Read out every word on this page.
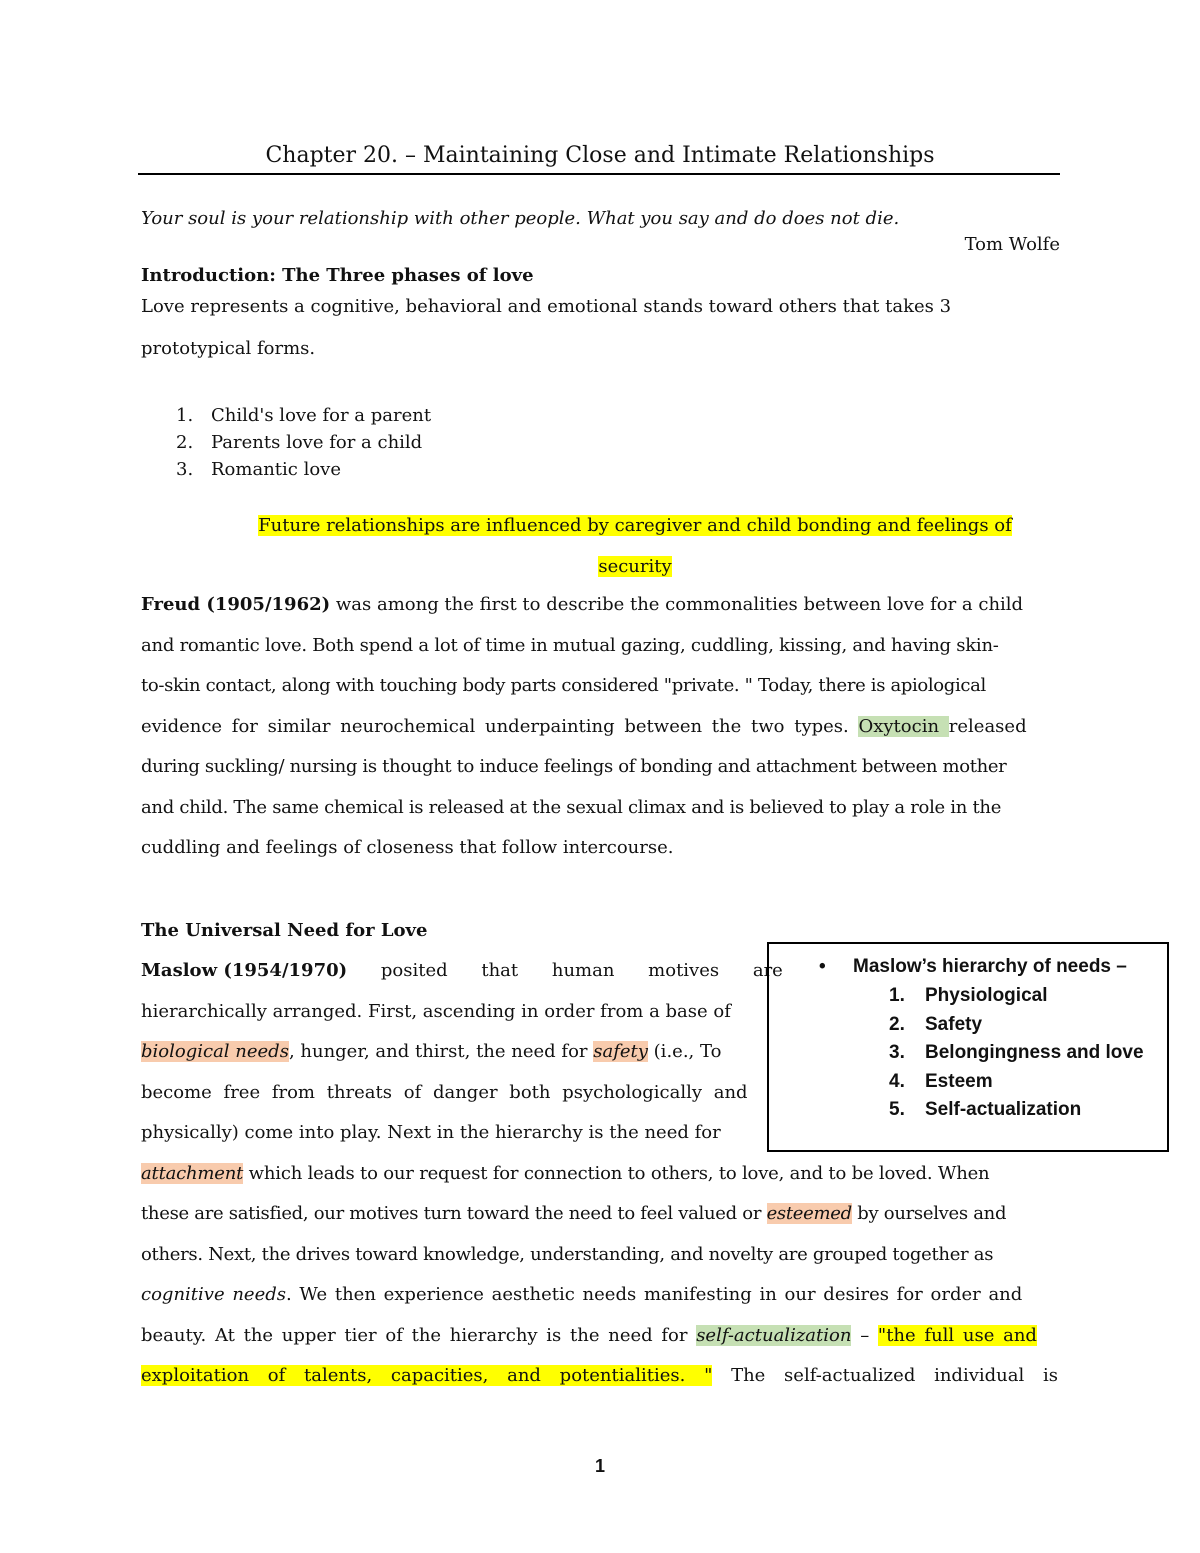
Chapter 20. – Maintaining Close and Intimate Relationships
Your soul is your relationship with other people. What you say and do does not die.
Tom Wolfe
Introduction: The Three phases of love
Love represents a cognitive, behavioral and emotional stands toward others that takes 3
prototypical forms.
1. Child's love for a parent
2. Parents love for a child
3. Romantic love
Future relationships are influenced by caregiver and child bonding and feelings of
security
Freud (1905/1962) was among the first to describe the commonalities between love for a child
and romantic love. Both spend a lot of time in mutual gazing, cuddling, kissing, and having skin-
to-skin contact, along with touching body parts considered "private. " Today, there is apiological
evidence for similar neurochemical underpainting between the two types. Oxytocin released
during suckling/ nursing is thought to induce feelings of bonding and attachment between mother
and child. The same chemical is released at the sexual climax and is believed to play a role in the
cuddling and feelings of closeness that follow intercourse.
The Universal Need for Love
Maslow (1954/1970) posited that human motives are
hierarchically arranged. First, ascending in order from a base of
biological needs, hunger, and thirst, the need for safety (i.e., To
become free from threats of danger both psychologically and
physically) come into play. Next in the hierarchy is the need for
attachment which leads to our request for connection to others, to love, and to be loved. When
these are satisfied, our motives turn toward the need to feel valued or esteemed by ourselves and
others. Next, the drives toward knowledge, understanding, and novelty are grouped together as
cognitive needs. We then experience aesthetic needs manifesting in our desires for order and
beauty. At the upper tier of the hierarchy is the need for self-actualization – "the full use and
exploitation of talents, capacities, and potentialities. " The self-actualized individual is
• Maslow’s hierarchy of needs –
1.	Physiological
2.	Safety
3.	Belongingness and love
4.	Esteem
5.	Self-actualization
1
